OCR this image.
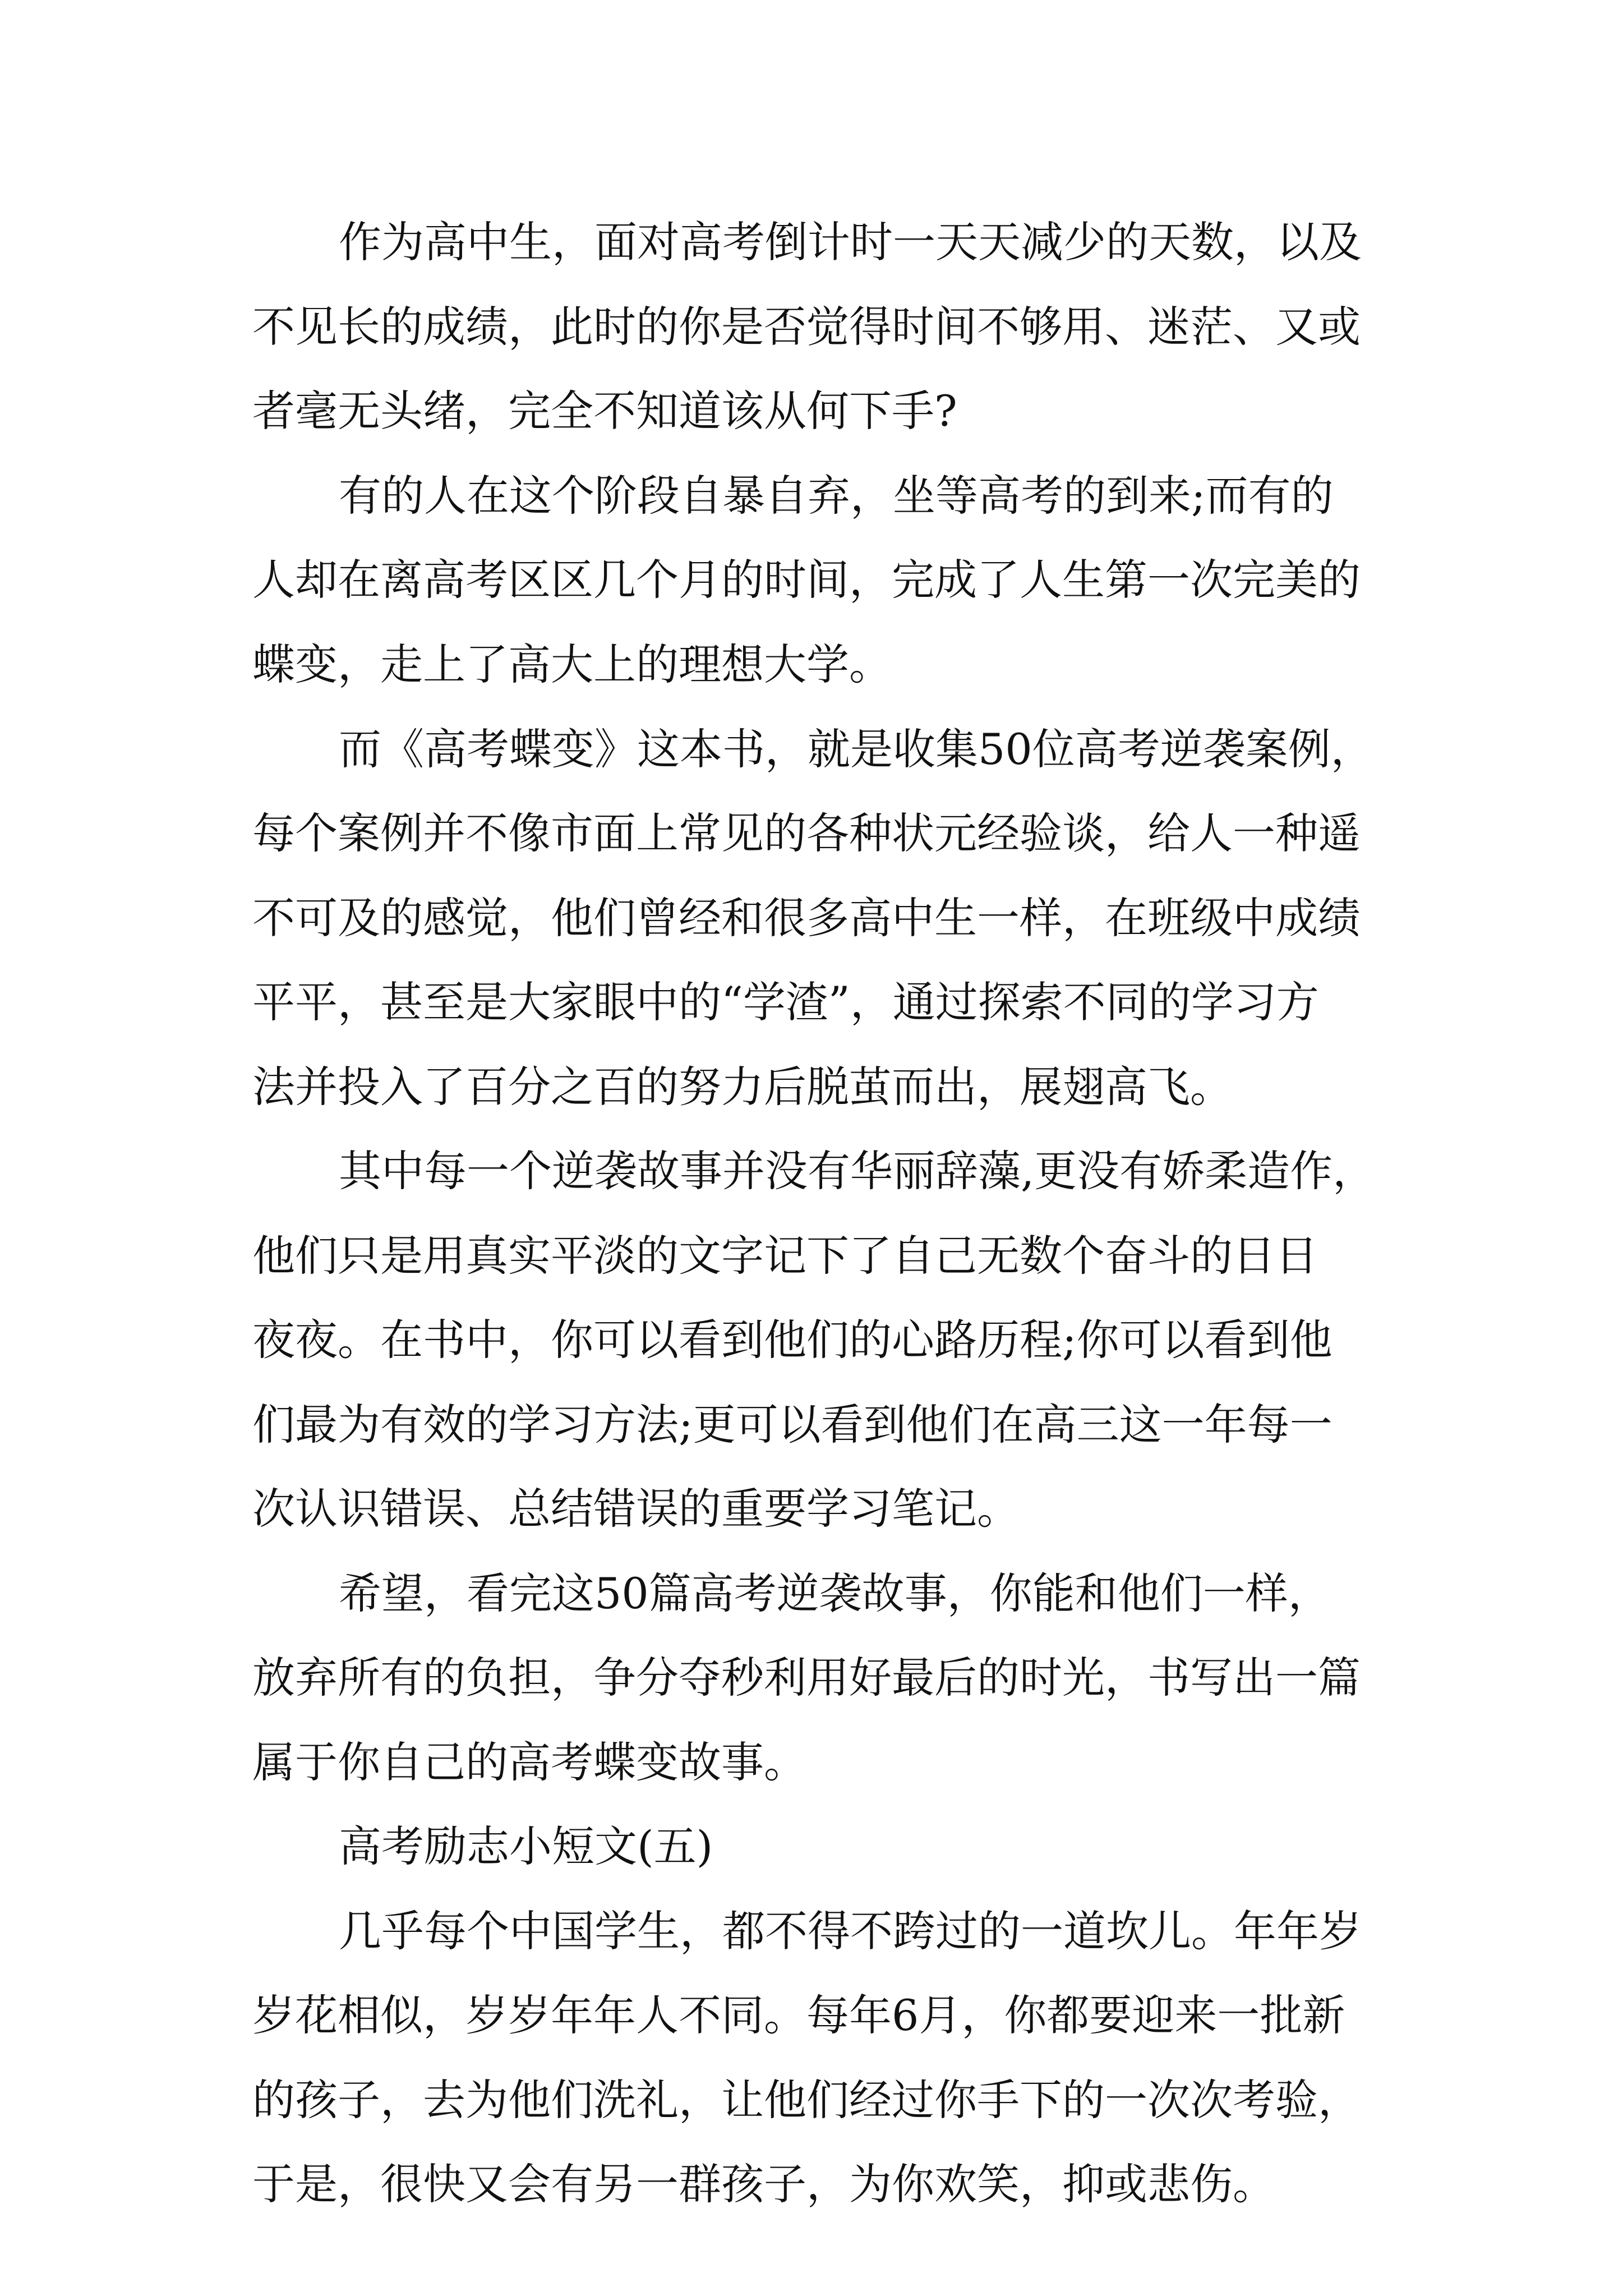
作为高中生，面对高考倒计时一天天减少的天数，以及
不见长的成绩，此时的你是否觉得时间不够用、迷茫、又或
者毫无头绪，完全不知道该从何下手?
有的人在这个阶段自暴自弃，坐等高考的到来;而有的
人却在离高考区区几个月的时间，完成了人生第一次完美的
蝶变，走上了高大上的理想大学。
而《高考蝶变》这本书，就是收集50位高考逆袭案例，
每个案例并不像市面上常见的各种状元经验谈，给人一种遥
不可及的感觉，他们曾经和很多高中生一样，在班级中成绩
平平，甚至是大家眼中的“学渣”，通过探索不同的学习方
法并投入了百分之百的努力后脱茧而出，展翅高飞。
其中每一个逆袭故事并没有华丽辞藻,更没有娇柔造作，
他们只是用真实平淡的文字记下了自己无数个奋斗的日日
夜夜。在书中，你可以看到他们的心路历程;你可以看到他
们最为有效的学习方法;更可以看到他们在高三这一年每一
次认识错误、总结错误的重要学习笔记。
希望，看完这50篇高考逆袭故事，你能和他们一样，
放弃所有的负担，争分夺秒利用好最后的时光，书写出一篇
属于你自己的高考蝶变故事。
高考励志小短文(五)
几乎每个中国学生，都不得不跨过的一道坎儿。年年岁
岁花相似，岁岁年年人不同。每年6月，你都要迎来一批新
的孩子，去为他们洗礼，让他们经过你手下的一次次考验，
于是，很快又会有另一群孩子，为你欢笑，抑或悲伤。
